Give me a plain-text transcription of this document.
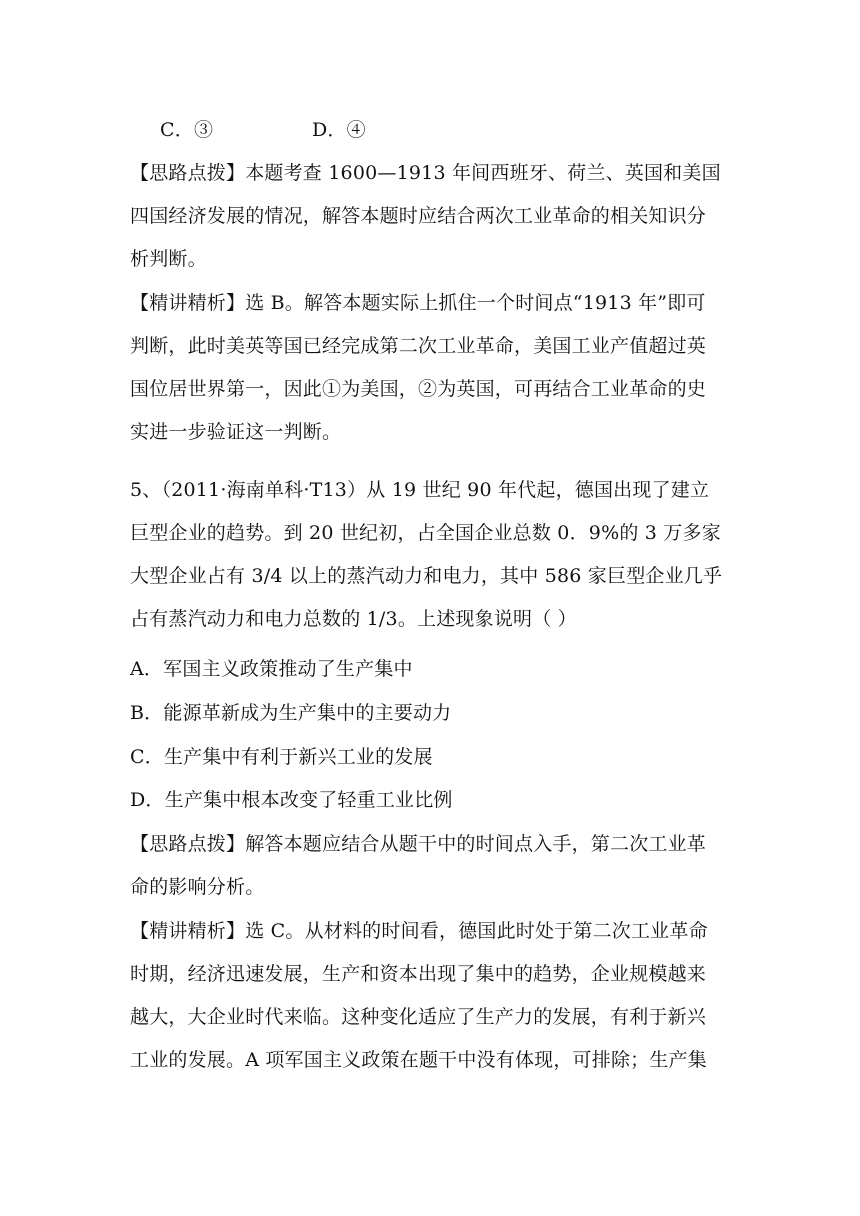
C．③	D．④
【思路点拨】本题考查 1600—1913 年间西班牙、荷兰、英国和美国
四国经济发展的情况，解答本题时应结合两次工业革命的相关知识分
析判断。
【精讲精析】选 B。解答本题实际上抓住一个时间点“1913 年”即可
判断，此时美英等国已经完成第二次工业革命，美国工业产值超过英
国位居世界第一，因此①为美国，②为英国，可再结合工业革命的史
实进一步验证这一判断。
5、（2011·海南单科·T13）从 19 世纪 90 年代起，德国出现了建立
巨型企业的趋势。到 20 世纪初，占全国企业总数 0．9%的 3 万多家
大型企业占有 3/4 以上的蒸汽动力和电力，其中 586 家巨型企业几乎
占有蒸汽动力和电力总数的 1/3。上述现象说明（ ）
A．军国主义政策推动了生产集中
B．能源革新成为生产集中的主要动力
C．生产集中有利于新兴工业的发展
D．生产集中根本改变了轻重工业比例
【思路点拨】解答本题应结合从题干中的时间点入手，第二次工业革
命的影响分析。
【精讲精析】选 C。从材料的时间看，德国此时处于第二次工业革命
时期，经济迅速发展，生产和资本出现了集中的趋势，企业规模越来
越大，大企业时代来临。这种变化适应了生产力的发展，有利于新兴
工业的发展。A 项军国主义政策在题干中没有体现，可排除；生产集
